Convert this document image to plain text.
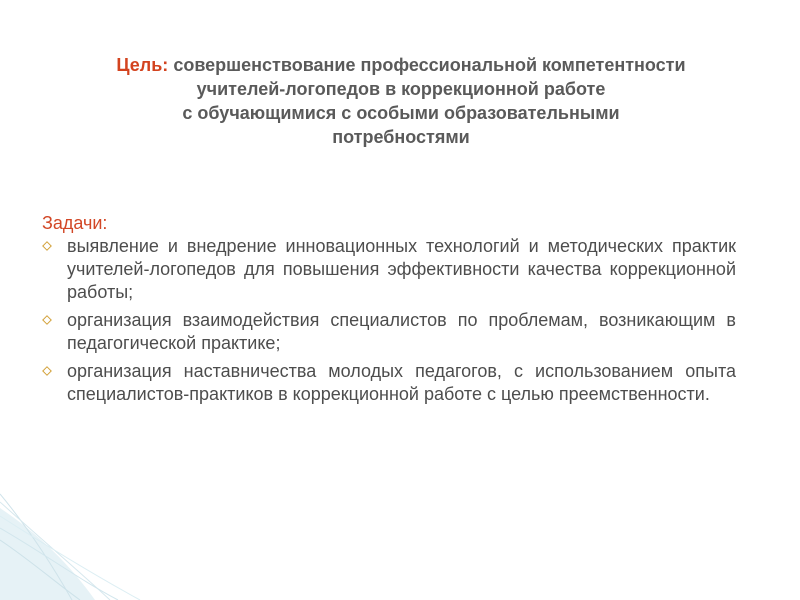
Цель: совершенствование профессиональной компетентности
учителей-логопедов в коррекционной работе
с обучающимися с особыми образовательными
потребностями
Задачи:
выявление и внедрение инновационных технологий и методических практик учителей-логопедов для повышения эффективности качества коррекционной работы;
организация взаимодействия специалистов по проблемам, возникающим в педагогической практике;
организация наставничества молодых педагогов, с использованием опыта специалистов-практиков в коррекционной работе с целью преемственности.
